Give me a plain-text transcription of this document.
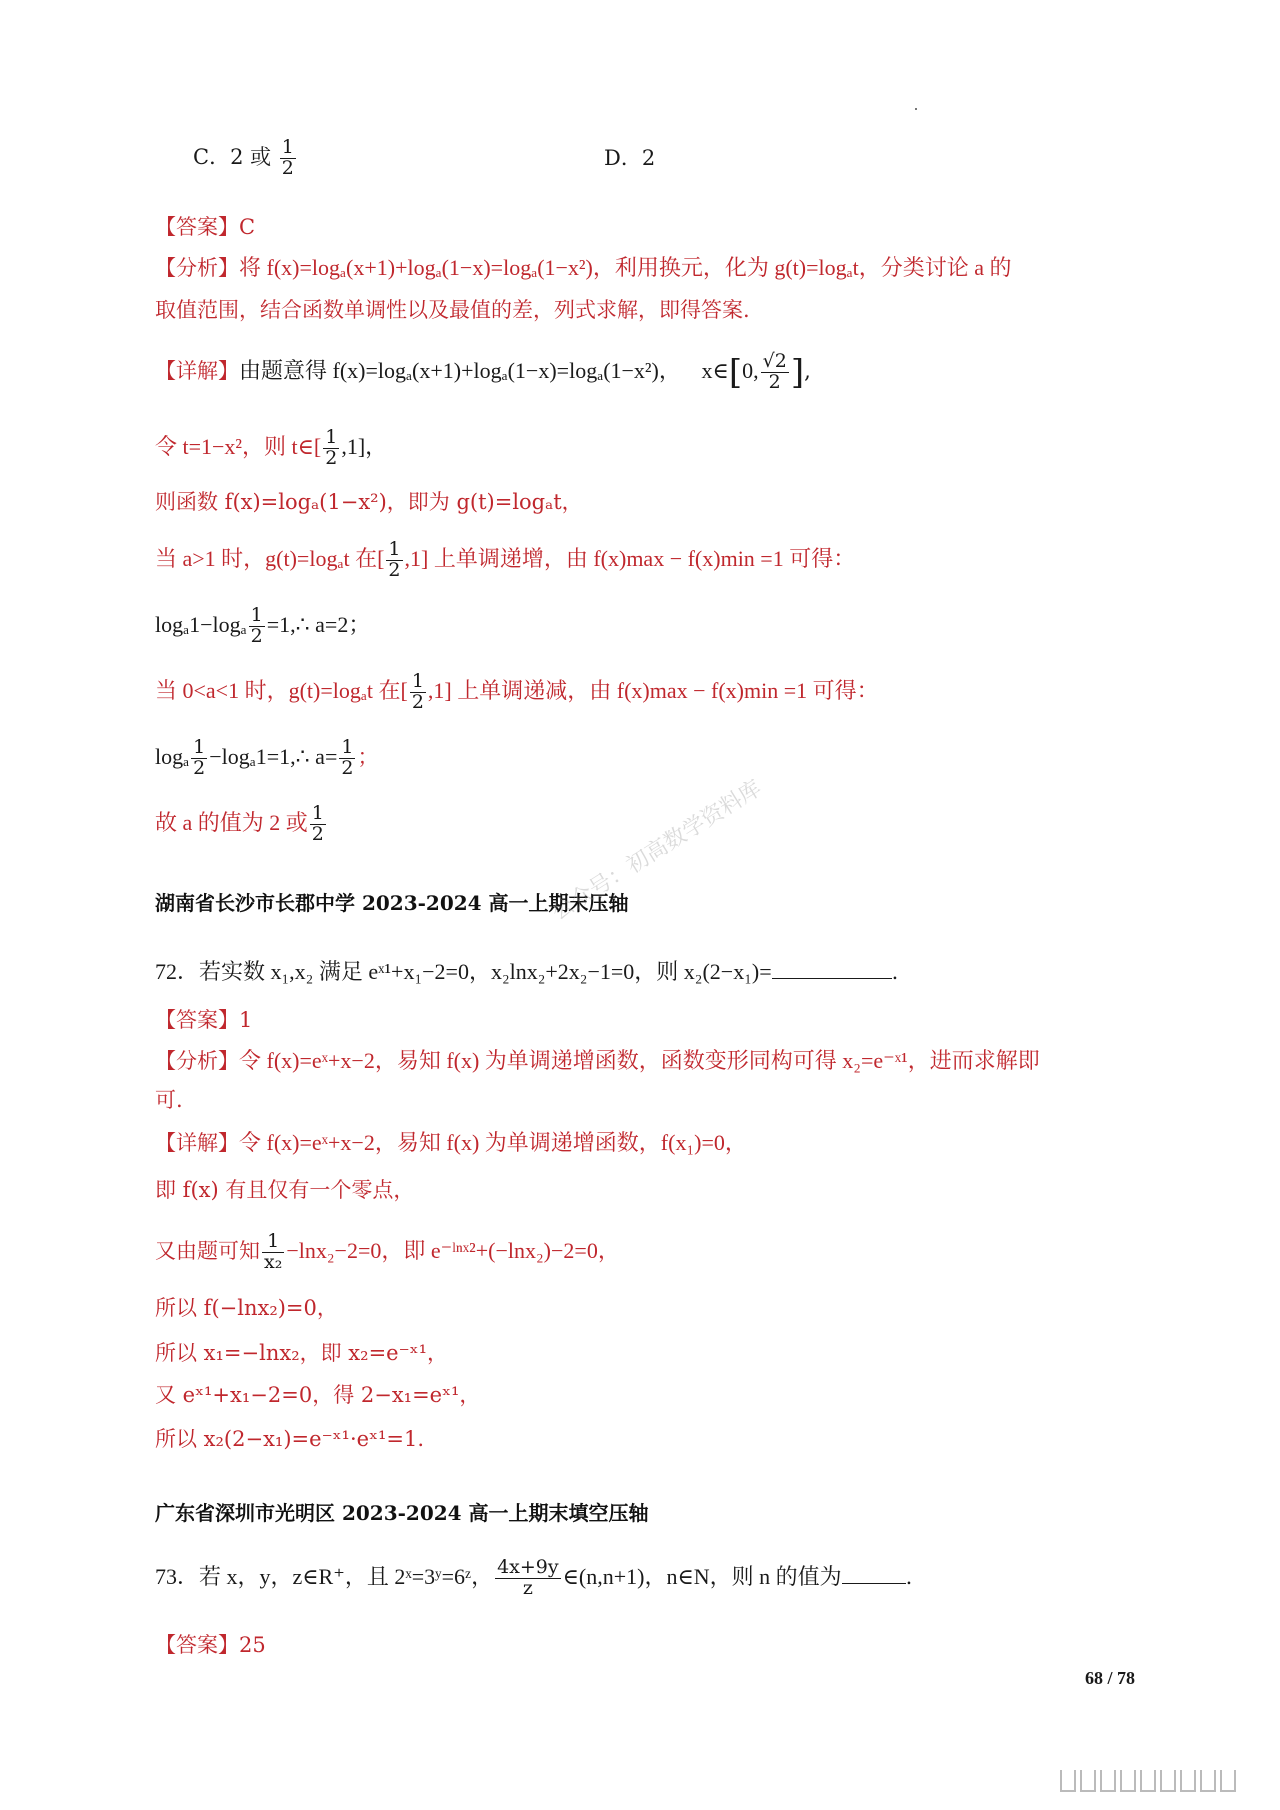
C．2 或 $\frac{1}{2}$	D．2
【答案】C
【分析】将 f(x)=logₐ(x+1)+logₐ(1−x)=logₐ(1−x²)，利用换元，化为 g(t)=logₐt，分类讨论 a 的
取值范围，结合函数单调性以及最值的差，列式求解，即得答案.
【详解】由题意得 f(x)=logₐ(x+1)+logₐ(1−x)=logₐ(1−x²)， x∈[0, $\frac{√2}{2}$ ],
令 t=1−x²，则 t∈[ $\frac{1}{2} ,1$]，
则函数 f(x)=logₐ(1−x²)，即为 g(t)=logₐt，
当 a>1 时，g(t)=logₐt 在[ $\frac{1}{2} ,1$] 上单调递增，由 f(x)max − f(x)min =1 可得：
$\log_a1-\log_a \frac{1}{2}$ =1,∴ a=2；
当 0<a<1 时，g(t)=logₐt 在[ $\frac{1}{2} ,1$] 上单调递减，由 f(x)max − f(x)min =1 可得：
logₐ $\frac{1}{2}$ −logₐ1=1,∴ $a= \frac{1}{2}$ ；
故 a 的值为 2 或 $\frac{1}{2}$
湖南省长沙市长郡中学 2023-2024 高一上期末压轴
72．若实数 x₁,x₂ 满足 eˣ¹+x₁−2=0，x₂lnx₂+2x₂−1=0，则 x₂(2−x₁)=	.
【答案】1
【分析】令 f(x)=eˣ+x−2，易知 f(x) 为单调递增函数，函数变形同构可得 x₂=e⁻ˣ¹，进而求解即
可.
【详解】令 f(x)=eˣ+x−2，易知 f(x) 为单调递增函数，f(x₁)=0，
即 f(x) 有且仅有一个零点，
又由题可知 $\frac{1}{\text{x₂}} -\ln x_2-2=0$，即 e⁻ˡⁿˣ²+(−lnx₂)−2=0，
所以 f(−lnx₂)=0，
所以 x₁=−lnx₂，即 x₂=e⁻ˣ¹，
又 eˣ¹+x₁−2=0，得 2−x₁=eˣ¹，
所以 x₂(2−x₁)=e⁻ˣ¹·eˣ¹=1.
广东省深圳市光明区 2023-2024 高一上期末填空压轴
73．若 x，y，z∈R⁺，且 2ˣ=3ʸ=6ᶻ， $\frac{4x+9y}{z}$ ∈(n,n+1)，n∈N，则 n 的值为	.
【答案】25
68 / 78
公众号：初高数学资料库
